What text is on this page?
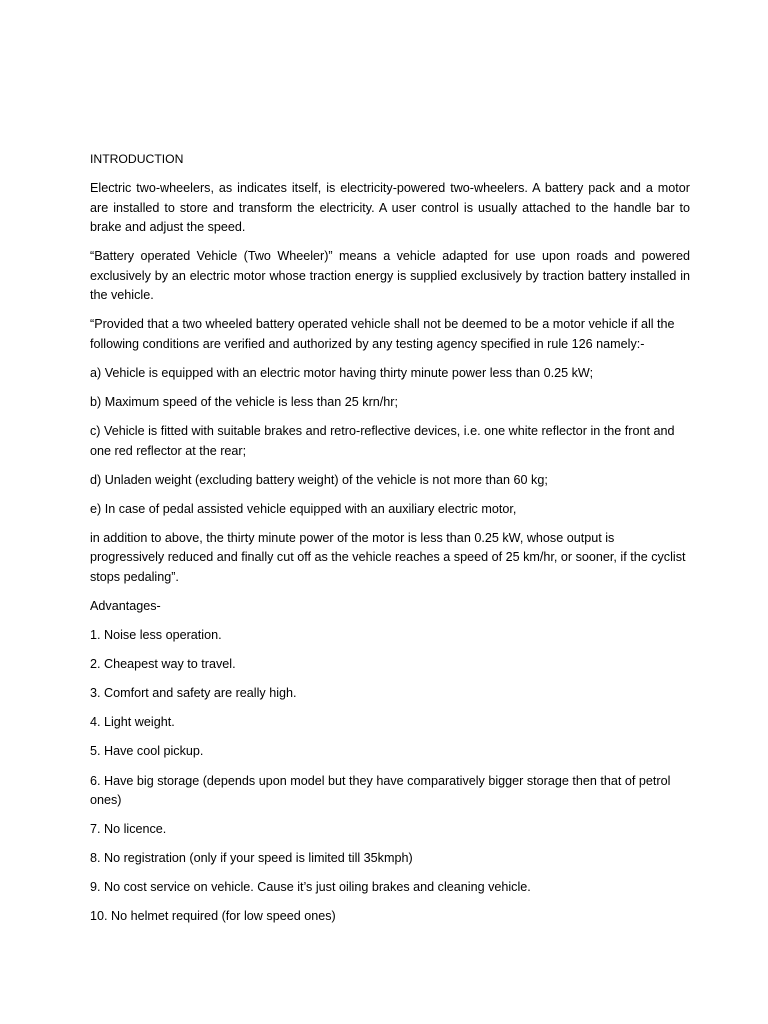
INTRODUCTION

Electric two-wheelers, as indicates itself, is electricity-powered two-wheelers. A battery pack and a motor are installed to store and transform the electricity. A user control is usually attached to the handle bar to brake and adjust the speed.

“Battery operated Vehicle (Two Wheeler)” means a vehicle adapted for use upon roads and powered exclusively by an electric motor whose traction energy is supplied exclusively by traction battery installed in the vehicle.

“Provided that a two wheeled battery operated vehicle shall not be deemed to be a motor vehicle if all the following conditions are verified and authorized by any testing agency specified in rule 126 namely:-

a) Vehicle is equipped with an electric motor having thirty minute power less than 0.25 kW;

b) Maximum speed of the vehicle is less than 25 krn/hr;

c) Vehicle is fitted with suitable brakes and retro-reflective devices, i.e. one white reflector in the front and one red reflector at the rear;

d) Unladen weight (excluding battery weight) of the vehicle is not more than 60 kg;

e) In case of pedal assisted vehicle equipped with an auxiliary electric motor,

in addition to above, the thirty minute power of the motor is less than 0.25 kW, whose output is progressively reduced and finally cut off as the vehicle reaches a speed of 25 km/hr, or sooner, if the cyclist stops pedaling”.

Advantages-

1. Noise less operation.

2. Cheapest way to travel.

3. Comfort and safety are really high.

4. Light weight.

5. Have cool pickup.

6. Have big storage (depends upon model but they have comparatively bigger storage then that of petrol ones)

7. No licence.

8. No registration (only if your speed is limited till 35kmph)

9. No cost service on vehicle. Cause it’s just oiling brakes and cleaning vehicle.

10. No helmet required (for low speed ones)
